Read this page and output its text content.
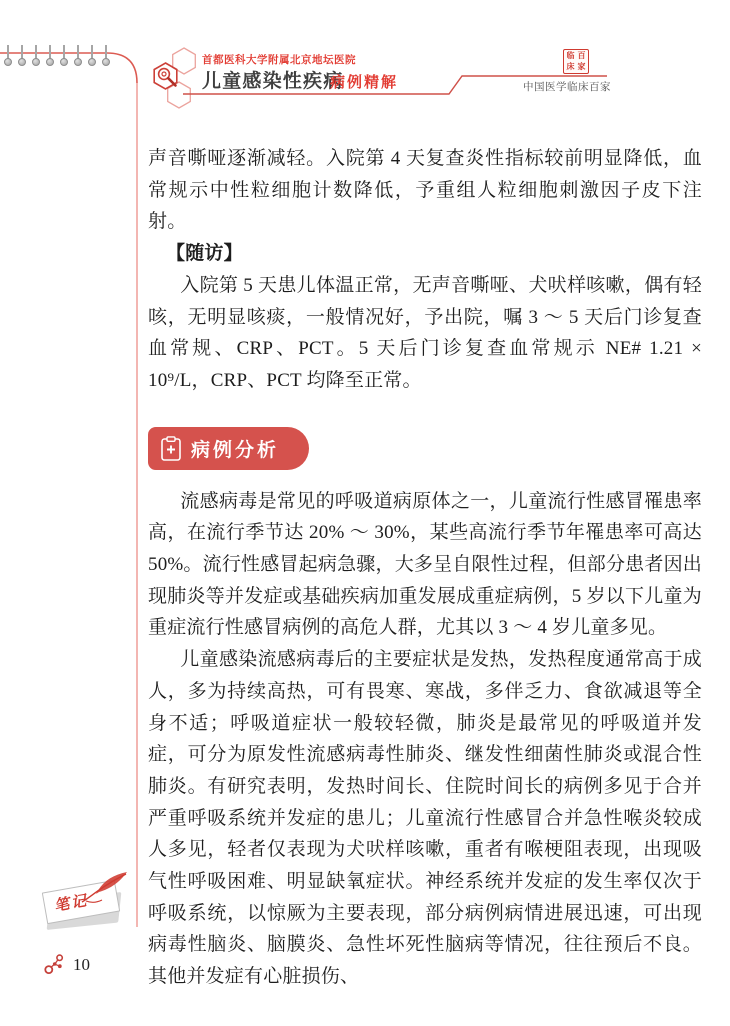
首都医科大学附属北京地坛医院
儿童感染性疾病
病例精解
临 百
床 家
中国医学临床百家

声音嘶哑逐渐减轻。入院第 4 天复查炎性指标较前明显降低，血常规示中性粒细胞计数降低，予重组人粒细胞刺激因子皮下注射。

【随访】

入院第 5 天患儿体温正常，无声音嘶哑、犬吠样咳嗽，偶有轻咳，无明显咳痰，一般情况好，予出院，嘱 3 ～ 5 天后门诊复查血常规、CRP、PCT。5 天后门诊复查血常规示 NE# 1.21 × 10⁹/L，CRP、PCT 均降至正常。

病例分析

流感病毒是常见的呼吸道病原体之一，儿童流行性感冒罹患率高，在流行季节达 20% ～ 30%，某些高流行季节年罹患率可高达 50%。流行性感冒起病急骤，大多呈自限性过程，但部分患者因出现肺炎等并发症或基础疾病加重发展成重症病例，5 岁以下儿童为重症流行性感冒病例的高危人群，尤其以 3 ～ 4 岁儿童多见。

儿童感染流感病毒后的主要症状是发热，发热程度通常高于成人，多为持续高热，可有畏寒、寒战，多伴乏力、食欲减退等全身不适；呼吸道症状一般较轻微，肺炎是最常见的呼吸道并发症，可分为原发性流感病毒性肺炎、继发性细菌性肺炎或混合性肺炎。有研究表明，发热时间长、住院时间长的病例多见于合并严重呼吸系统并发症的患儿；儿童流行性感冒合并急性喉炎较成人多见，轻者仅表现为犬吠样咳嗽，重者有喉梗阻表现，出现吸气性呼吸困难、明显缺氧症状。神经系统并发症的发生率仅次于呼吸系统，以惊厥为主要表现，部分病例病情进展迅速，可出现病毒性脑炎、脑膜炎、急性坏死性脑病等情况，往往预后不良。其他并发症有心脏损伤、

笔记
10
